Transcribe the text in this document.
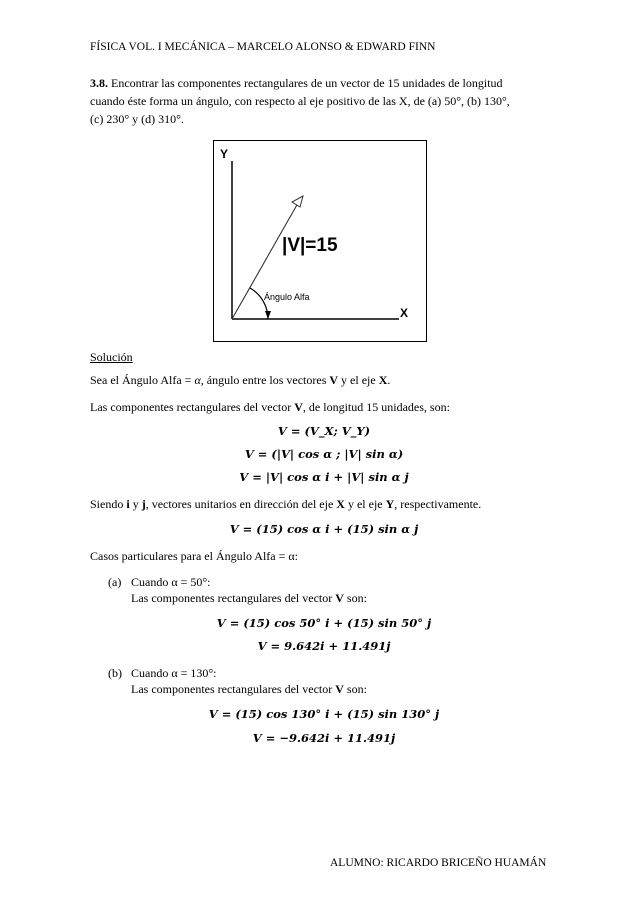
FÍSICA VOL. I MECÁNICA – MARCELO ALONSO & EDWARD FINN
3.8. Encontrar las componentes rectangulares de un vector de 15 unidades de longitud
cuando éste forma un ángulo, con respecto al eje positivo de las X, de (a) 50°, (b) 130°,
(c) 230° y (d) 310°.
Y
X
|V|=15
Ángulo Alfa
Solución
Sea el Ángulo Alfa = α, ángulo entre los vectores V y el eje X.
Las componentes rectangulares del vector V, de longitud 15 unidades, son:
V = (V_X; V_Y)
V = (|V| cos α ; |V| sin α)
V = |V| cos α i + |V| sin α j
Siendo i y j, vectores unitarios en dirección del eje X y el eje Y, respectivamente.
V = (15) cos α i + (15) sin α j
Casos particulares para el Ángulo Alfa = α:
(a) Cuando α = 50°:
Las componentes rectangulares del vector V son:
V = (15) cos 50° i + (15) sin 50° j
V = 9.642i + 11.491j
(b) Cuando α = 130°:
Las componentes rectangulares del vector V son:
V = (15) cos 130° i + (15) sin 130° j
V = −9.642i + 11.491j
ALUMNO: RICARDO BRICEÑO HUAMÁN
